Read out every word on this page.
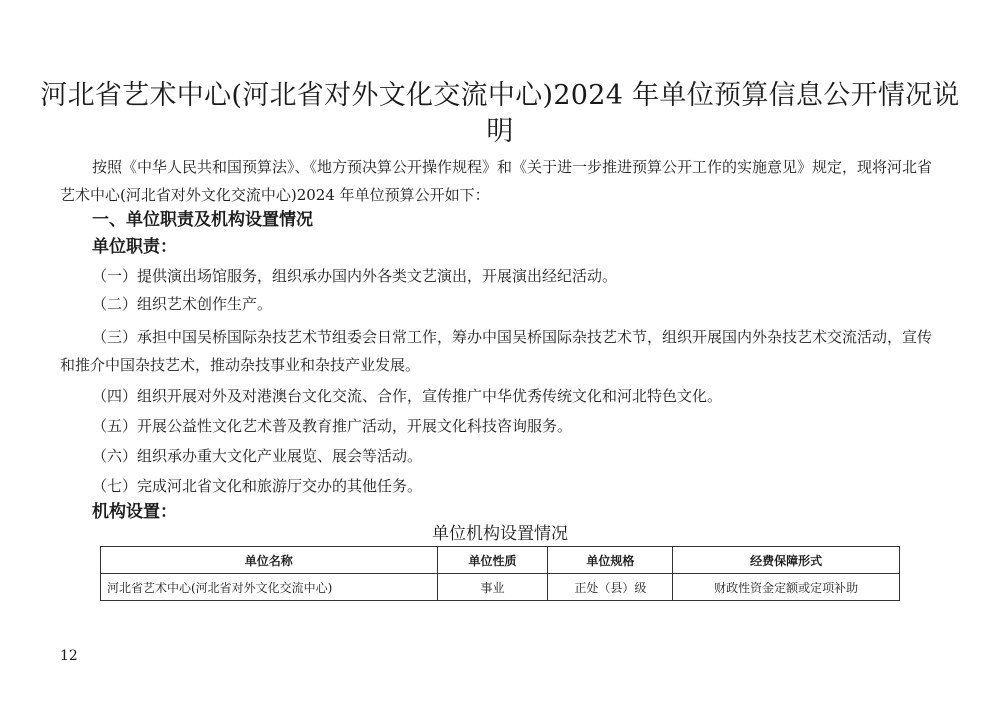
河北省艺术中心(河北省对外文化交流中心)2024 年单位预算信息公开情况说
明
按照《中华人民共和国预算法》、《地方预决算公开操作规程》和《关于进一步推进预算公开工作的实施意见》规定，现将河北省艺术中心(河北省对外文化交流中心)2024 年单位预算公开如下：
一、单位职责及机构设置情况
单位职责：
（一）提供演出场馆服务，组织承办国内外各类文艺演出，开展演出经纪活动。
（二）组织艺术创作生产。
（三）承担中国吴桥国际杂技艺术节组委会日常工作，筹办中国吴桥国际杂技艺术节，组织开展国内外杂技艺术交流活动，宣传和推介中国杂技艺术，推动杂技事业和杂技产业发展。
（四）组织开展对外及对港澳台文化交流、合作，宣传推广中华优秀传统文化和河北特色文化。
（五）开展公益性文化艺术普及教育推广活动，开展文化科技咨询服务。
（六）组织承办重大文化产业展览、展会等活动。
（七）完成河北省文化和旅游厅交办的其他任务。
机构设置：
单位机构设置情况
单位名称	单位性质	单位规格	经费保障形式
河北省艺术中心(河北省对外文化交流中心)	事业	正处（县）级	财政性资金定额或定项补助
12
